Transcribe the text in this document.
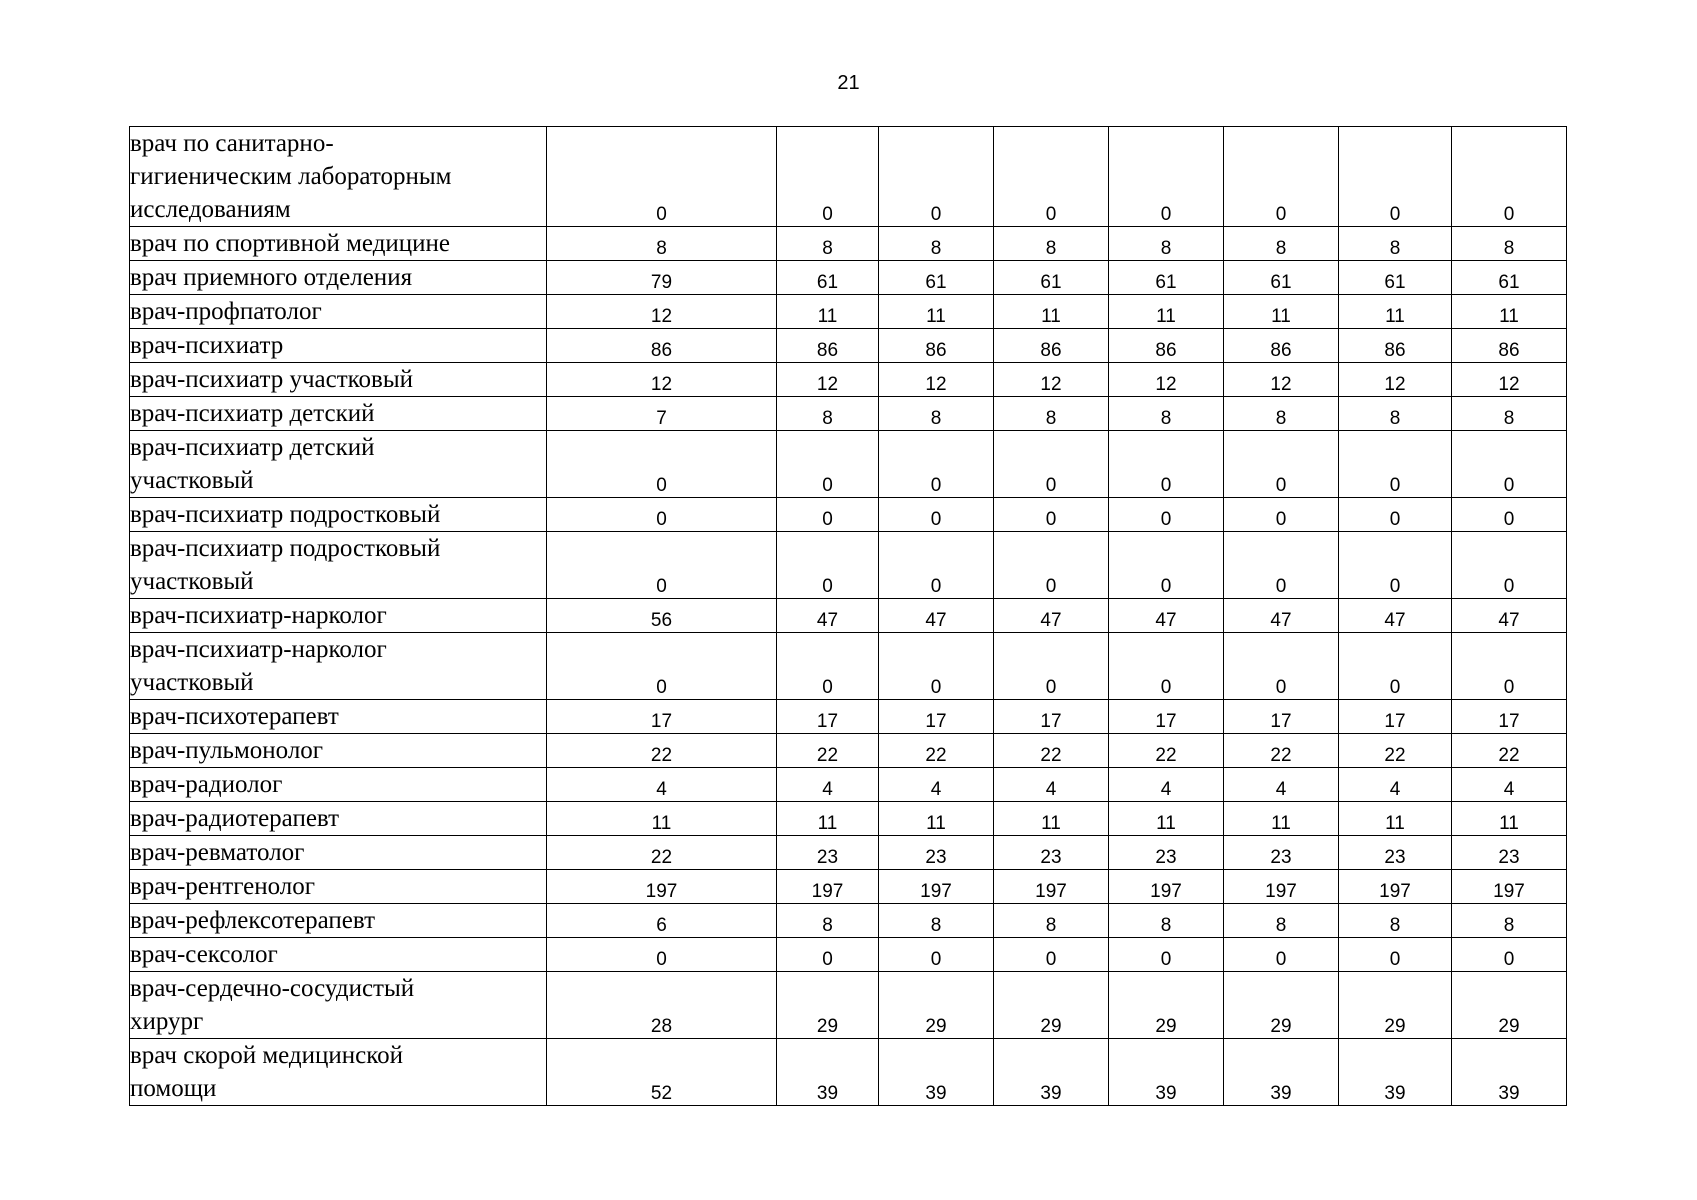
21
врач по санитарно-
гигиеническим лабораторным
исследованиям	0	0	0	0	0	0	0	0

врач по спортивной медицине	8	8	8	8	8	8	8	8

врач приемного отделения	79	61	61	61	61	61	61	61

врач-профпатолог	12	11	11	11	11	11	11	11

врач-психиатр	86	86	86	86	86	86	86	86

врач-психиатр участковый	12	12	12	12	12	12	12	12

врач-психиатр детский	7	8	8	8	8	8	8	8

врач-психиатр детский
участковый	0	0	0	0	0	0	0	0

врач-психиатр подростковый	0	0	0	0	0	0	0	0

врач-психиатр подростковый
участковый	0	0	0	0	0	0	0	0

врач-психиатр-нарколог	56	47	47	47	47	47	47	47

врач-психиатр-нарколог
участковый	0	0	0	0	0	0	0	0

врач-психотерапевт	17	17	17	17	17	17	17	17

врач-пульмонолог	22	22	22	22	22	22	22	22

врач-радиолог	4	4	4	4	4	4	4	4

врач-радиотерапевт	11	11	11	11	11	11	11	11

врач-ревматолог	22	23	23	23	23	23	23	23

врач-рентгенолог	197	197	197	197	197	197	197	197

врач-рефлексотерапевт	6	8	8	8	8	8	8	8

врач-сексолог	0	0	0	0	0	0	0	0

врач-сердечно-сосудистый
хирург	28	29	29	29	29	29	29	29

врач скорой медицинской
помощи	52	39	39	39	39	39	39	39
